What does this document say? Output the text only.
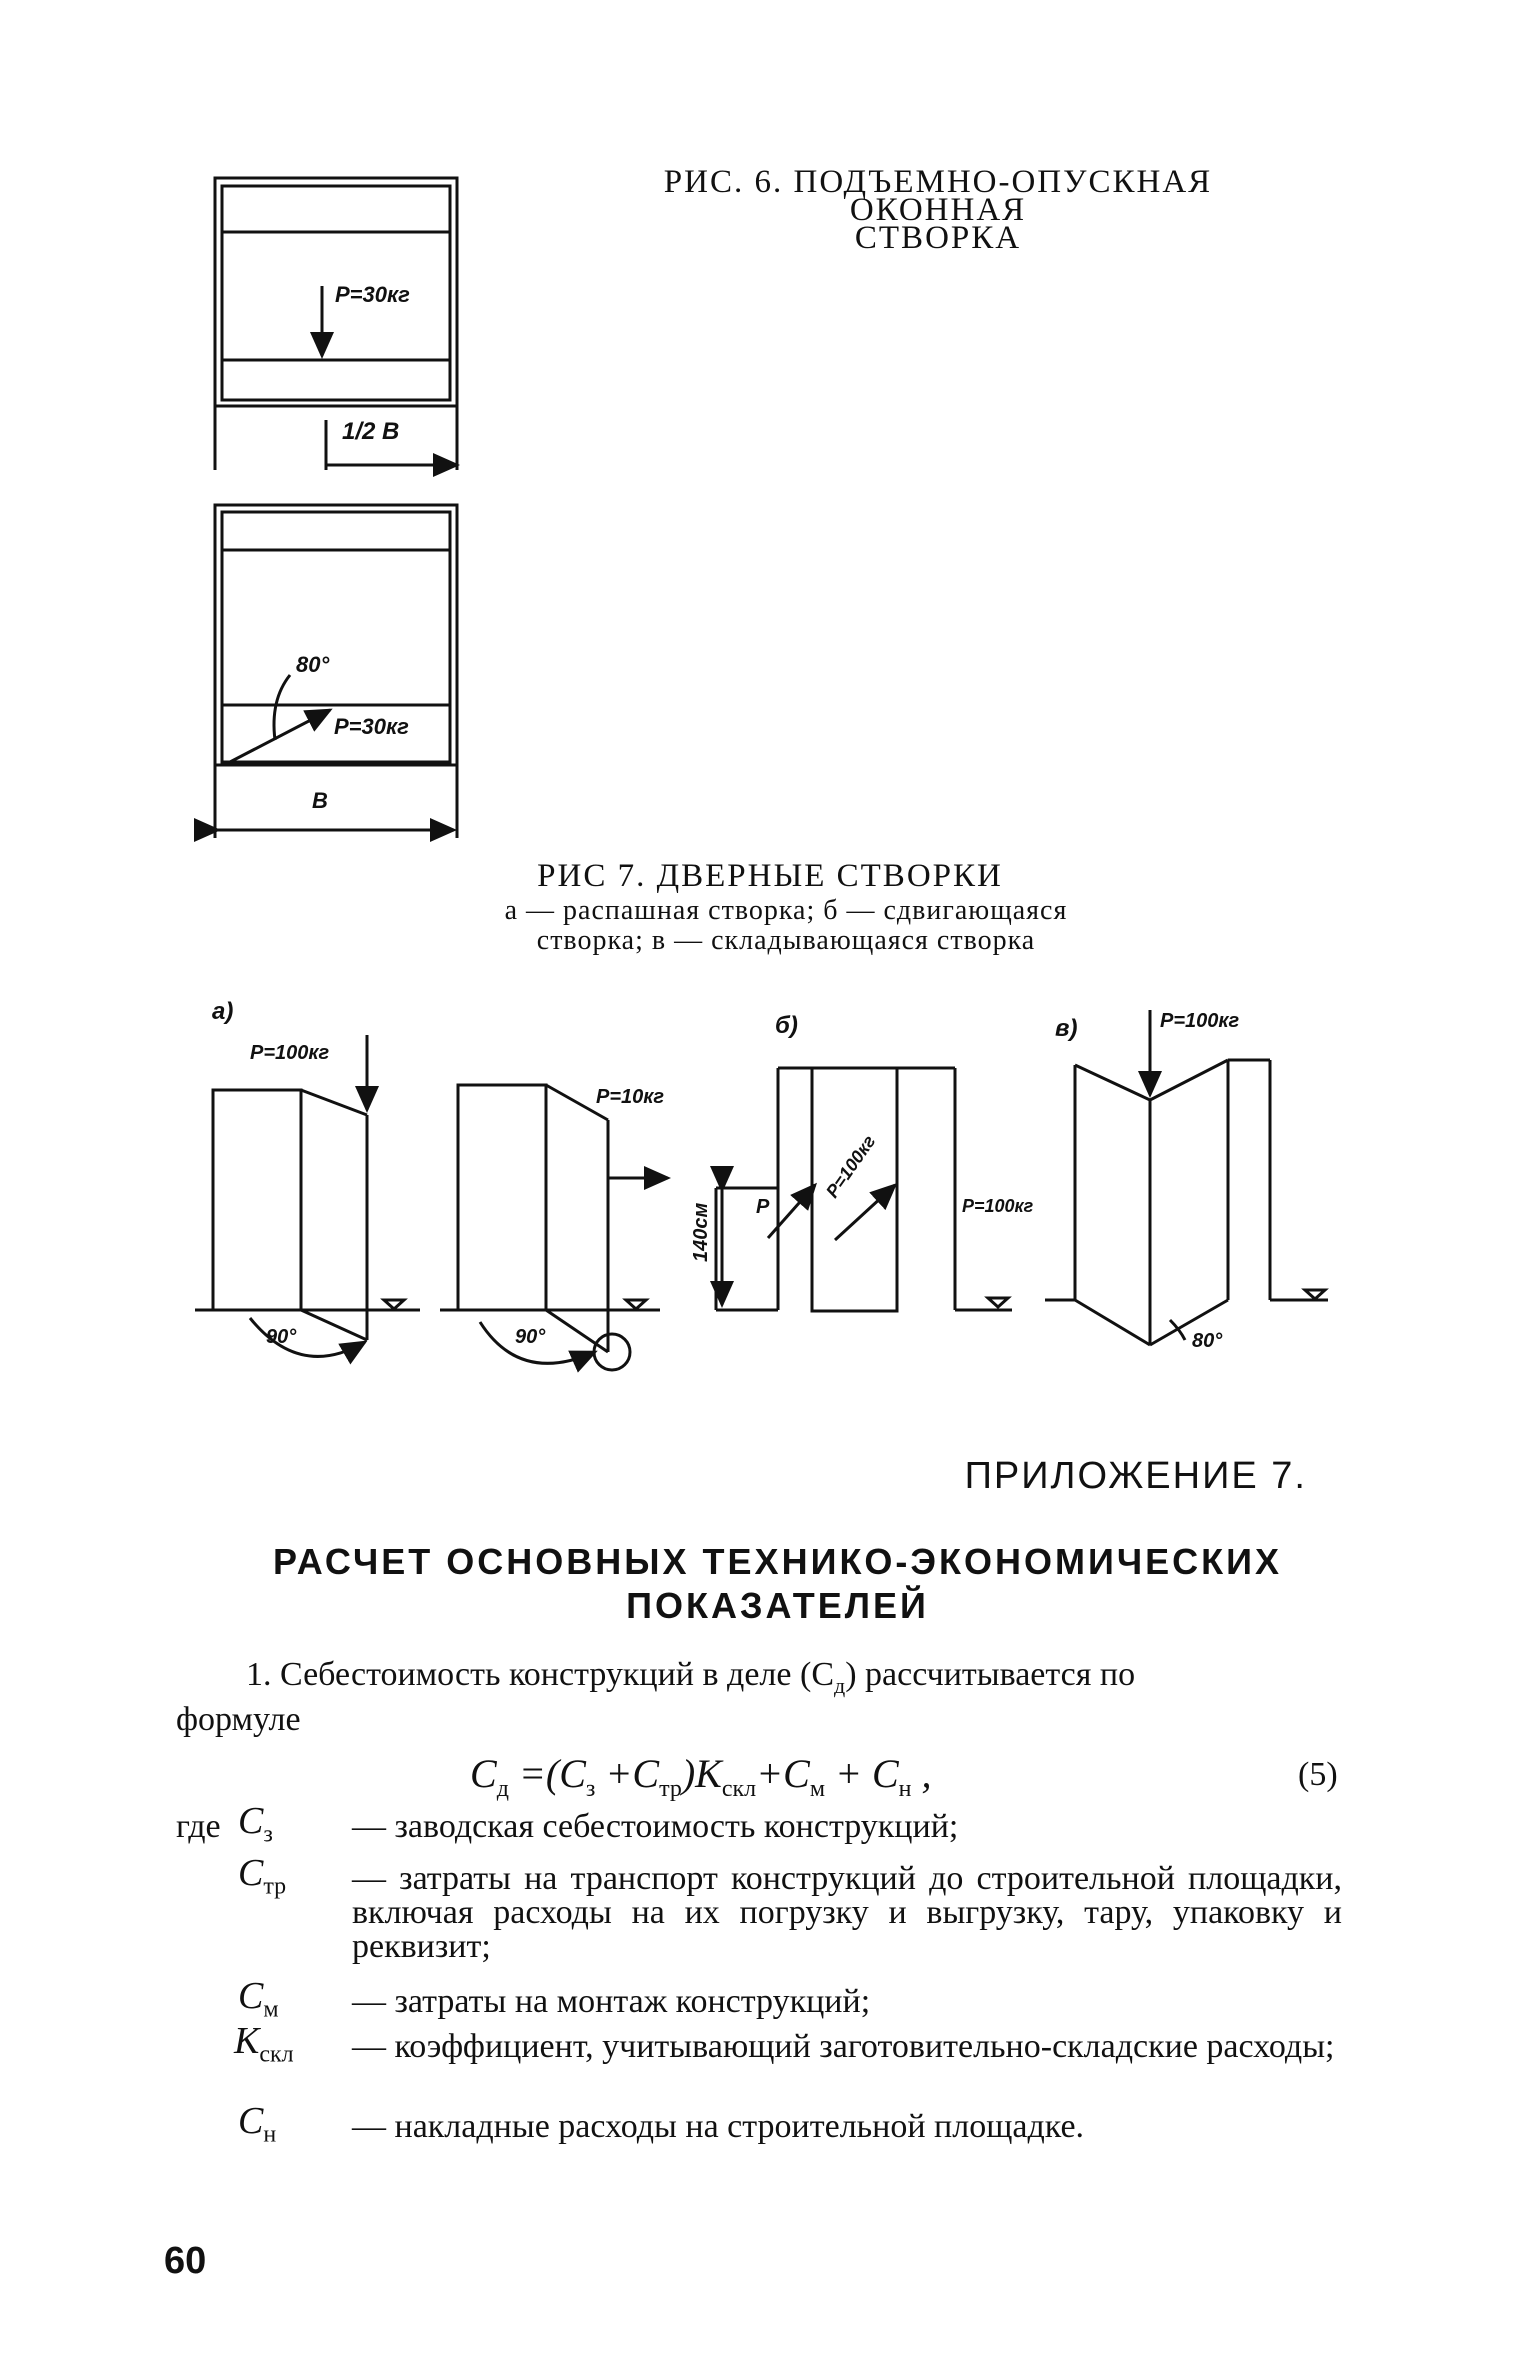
P=30кг
1/2 B
80°
P=30кг
B
а)
P=100кг
P=10кг
90°	90°
б)
140см P
P=100кг
P=100кг
в)	P=100кг
80°
РИС. 6. ПОДЪЕМНО-ОПУСКНАЯ ОКОННАЯ
СТВОРКА
РИС 7. ДВЕРНЫЕ СТВОРКИ
а — распашная створка; б — сдвигающаяся
створка; в — складывающаяся створка
ПРИЛОЖЕНИЕ 7.
РАСЧЕТ ОСНОВНЫХ ТЕХНИКО-ЭКОНОМИЧЕСКИХ
ПОКАЗАТЕЛЕЙ
1. Себестоимость конструкций в деле $(С_д)$ рассчитывается по
формуле
$C_д =(C_з +C_{тр})K_{скл}+C_м + C_н$ ,	(5)
где $C_з$ — заводская себестоимость конструкций;
$C_{тр}$ — затраты на транспорт конструкций до строительной площадки, включая расходы на их погрузку и выгрузку, тару, упаковку и реквизит;
$C_м$ — затраты на монтаж конструкций;
$K_{скл}$ — коэффициент, учитывающий заготовительно-складские расходы;
$C_н$ — накладные расходы на строительной площадке.
60
